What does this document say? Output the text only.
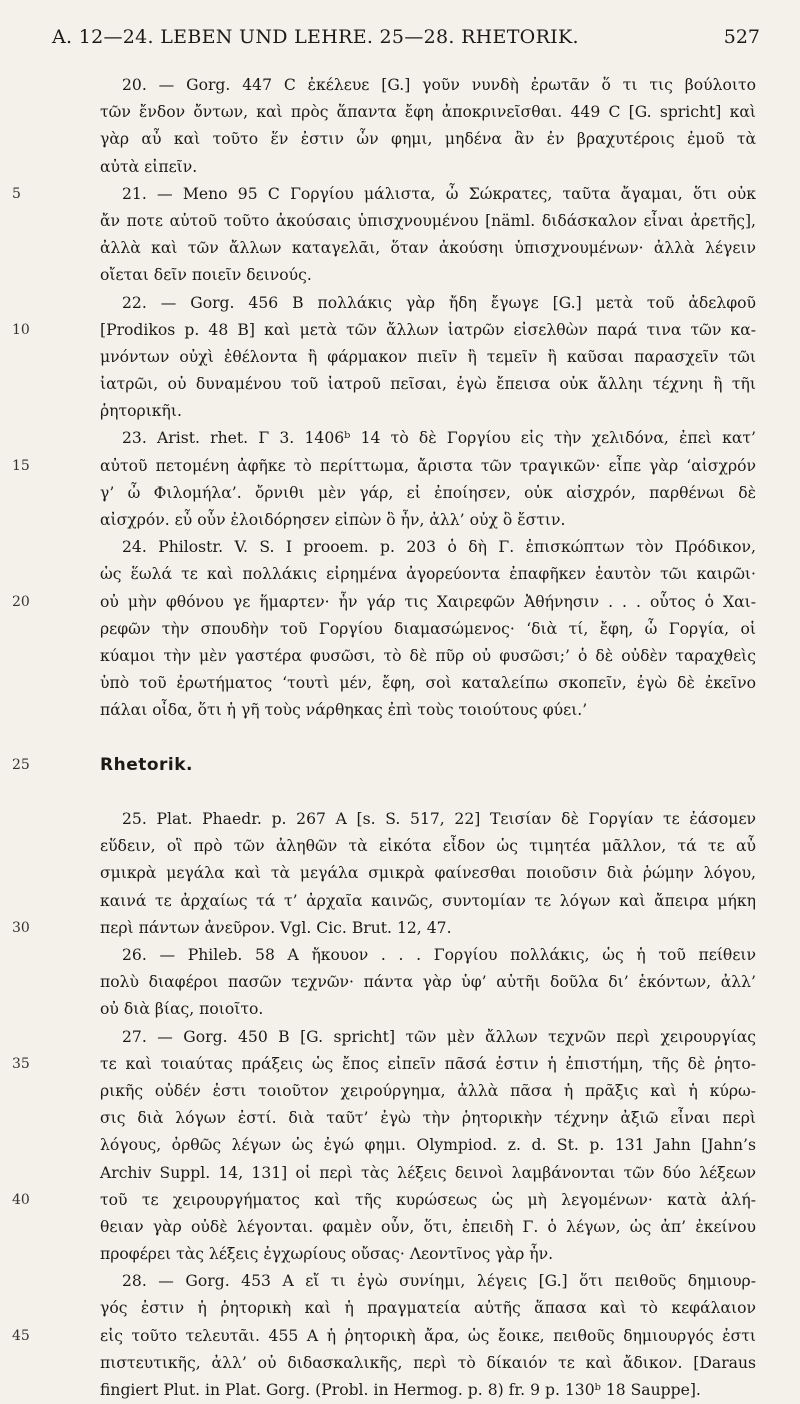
A. 12—24. LEBEN UND LEHRE. 25—28. RHETORIK.	527
20. — Gorg. 447 C ἐκέλευε [G.] γοῦν νυνδὴ ἐρωτᾶν ὅ τι τις βούλοιτο
τῶν ἔνδον ὄντων, καὶ πρὸς ἅπαντα ἔφη ἀποκρινεῖσθαι. 449 C [G. spricht] καὶ
γὰρ αὖ καὶ τοῦτο ἕν ἐστιν ὧν φημι, μηδένα ἂν ἐν βραχυτέροις ἐμοῦ τὰ
αὐτὰ εἰπεῖν.
5	21. — Meno 95 C Γοργίου μάλιστα, ὦ Σώκρατες, ταῦτα ἄγαμαι, ὅτι οὐκ
ἄν ποτε αὐτοῦ τοῦτο ἀκούσαις ὑπισχνουμένου [näml. διδάσκαλον εἶναι ἀρετῆς],
ἀλλὰ καὶ τῶν ἄλλων καταγελᾶι, ὅταν ἀκούσηι ὑπισχνουμένων· ἀλλὰ λέγειν
οἴεται δεῖν ποιεῖν δεινούς.
22. — Gorg. 456 B πολλάκις γὰρ ἤδη ἔγωγε [G.] μετὰ τοῦ ἀδελφοῦ
10	[Prodikos p. 48 B] καὶ μετὰ τῶν ἄλλων ἰατρῶν εἰσελθὼν παρά τινα τῶν κα-
μνόντων οὐχὶ ἐθέλοντα ἢ φάρμακον πιεῖν ἢ τεμεῖν ἢ καῦσαι παρασχεῖν τῶι
ἰατρῶι, οὐ δυναμένου τοῦ ἰατροῦ πεῖσαι, ἐγὼ ἔπεισα οὐκ ἄλληι τέχνηι ἢ τῆι
ῥητορικῆι.
23. Arist. rhet. Γ 3. 1406ᵇ 14 τὸ δὲ Γοργίου εἰς τὴν χελιδόνα, ἐπεὶ κατ’
15	αὐτοῦ πετομένη ἀφῆκε τὸ περίττωμα, ἄριστα τῶν τραγικῶν· εἶπε γὰρ ‘αἰσχρόν
γ’ ὦ Φιλομήλα’. ὄρνιθι μὲν γάρ, εἰ ἐποίησεν, οὐκ αἰσχρόν, παρθένωι δὲ
αἰσχρόν. εὖ οὖν ἐλοιδόρησεν εἰπὼν ὃ ἦν, ἀλλ’ οὐχ ὃ ἔστιν.
24. Philostr. V. S. I prooem. p. 203 ὁ δὴ Γ. ἐπισκώπτων τὸν Πρόδικον,
ὡς ἕωλά τε καὶ πολλάκις εἰρημένα ἀγορεύοντα ἐπαφῆκεν ἑαυτὸν τῶι καιρῶι·
20	οὐ μὴν φθόνου γε ἥμαρτεν· ἦν γάρ τις Χαιρεφῶν Ἀθήνησιν . . . οὗτος ὁ Χαι-
ρεφῶν τὴν σπουδὴν τοῦ Γοργίου διαμασώμενος· ‘διὰ τί, ἔφη, ὦ Γοργία, οἱ
κύαμοι τὴν μὲν γαστέρα φυσῶσι, τὸ δὲ πῦρ οὐ φυσῶσι;’ ὁ δὲ οὐδὲν ταραχθεὶς
ὑπὸ τοῦ ἐρωτήματος ‘τουτὶ μέν, ἔφη, σοὶ καταλείπω σκοπεῖν, ἐγὼ δὲ ἐκεῖνο
πάλαι οἶδα, ὅτι ἡ γῆ τοὺς νάρθηκας ἐπὶ τοὺς τοιούτους φύει.’
25	Rhetorik.
25. Plat. Phaedr. p. 267 A [s. S. 517, 22] Τεισίαν δὲ Γοργίαν τε ἐάσομεν
εὕδειν, οἳ πρὸ τῶν ἀληθῶν τὰ εἰκότα εἶδον ὡς τιμητέα μᾶλλον, τά τε αὖ
σμικρὰ μεγάλα καὶ τὰ μεγάλα σμικρὰ φαίνεσθαι ποιοῦσιν διὰ ῥώμην λόγου,
καινά τε ἀρχαίως τά τ’ ἀρχαῖα καινῶς, συντομίαν τε λόγων καὶ ἄπειρα μήκη
30	περὶ πάντων ἀνεῦρον. Vgl. Cic. Brut. 12, 47.
26. — Phileb. 58 A ἤκουον . . . Γοργίου πολλάκις, ὡς ἡ τοῦ πείθειν
πολὺ διαφέροι πασῶν τεχνῶν· πάντα γὰρ ὑφ’ αὑτῆι δοῦλα δι’ ἑκόντων, ἀλλ’
οὐ διὰ βίας, ποιοῖτο.
27. — Gorg. 450 B [G. spricht] τῶν μὲν ἄλλων τεχνῶν περὶ χειρουργίας
35	τε καὶ τοιαύτας πράξεις ὡς ἔπος εἰπεῖν πᾶσά ἐστιν ἡ ἐπιστήμη, τῆς δὲ ῥητο-
ρικῆς οὐδέν ἐστι τοιοῦτον χειρούργημα, ἀλλὰ πᾶσα ἡ πρᾶξις καὶ ἡ κύρω-
σις διὰ λόγων ἐστί. διὰ ταῦτ’ ἐγὼ τὴν ῥητορικὴν τέχνην ἀξιῶ εἶναι περὶ
λόγους, ὀρθῶς λέγων ὡς ἐγώ φημι. Olympiod. z. d. St. p. 131 Jahn [Jahn’s
Archiv Suppl. 14, 131] οἱ περὶ τὰς λέξεις δεινοὶ λαμβάνονται τῶν δύο λέξεων
40	τοῦ τε χειρουργήματος καὶ τῆς κυρώσεως ὡς μὴ λεγομένων· κατὰ ἀλή-
θειαν γὰρ οὐδὲ λέγονται. φαμὲν οὖν, ὅτι, ἐπειδὴ Γ. ὁ λέγων, ὡς ἀπ’ ἐκείνου
προφέρει τὰς λέξεις ἐγχωρίους οὔσας· Λεοντῖνος γὰρ ἦν.
28. — Gorg. 453 A εἴ τι ἐγὼ συνίημι, λέγεις [G.] ὅτι πειθοῦς δημιουρ-
γός ἐστιν ἡ ῥητορικὴ καὶ ἡ πραγματεία αὐτῆς ἅπασα καὶ τὸ κεφάλαιον
45	εἰς τοῦτο τελευτᾶι. 455 A ἡ ῥητορικὴ ἄρα, ὡς ἔοικε, πειθοῦς δημιουργός ἐστι
πιστευτικῆς, ἀλλ’ οὐ διδασκαλικῆς, περὶ τὸ δίκαιόν τε καὶ ἄδικον. [Daraus
fingiert Plut. in Plat. Gorg. (Probl. in Hermog. p. 8) fr. 9 p. 130ᵇ 18 Sauppe].
